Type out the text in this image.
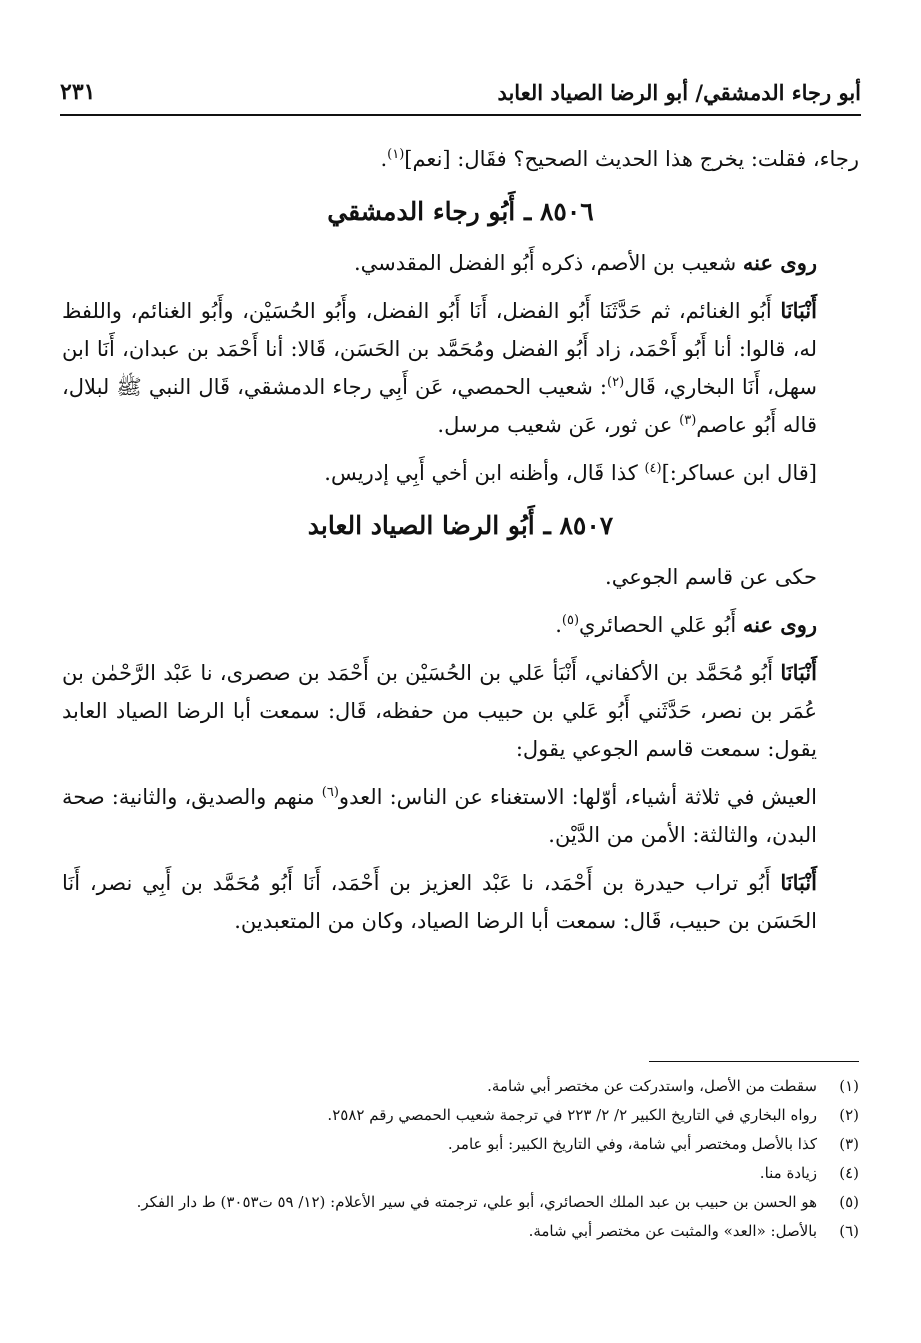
أبو رجاء الدمشقي/ أبو الرضا الصياد العابد
٢٣١

رجاء، فقلت: يخرج هذا الحديث الصحيح؟ فقَال: [نعم]$^{(١)}$.

٨٥٠٦ ـ أَبُو رجاء الدمشقي

روى عنه شعيب بن الأصم، ذكره أَبُو الفضل المقدسي.

أَنْبَانَا أَبُو الغنائم، ثم حَدَّثَنَا أَبُو الفضل، أَنَا أَبُو الفضل، وأَبُو الحُسَيْن، وأَبُو الغنائم، واللفظ له، قالوا: أنا أَبُو أَحْمَد، زاد أَبُو الفضل ومُحَمَّد بن الحَسَن، قَالا: أنا أَحْمَد بن عبدان، أَنَا ابن سهل، أَنَا البخاري، قَال$^{(٢)}$: شعيب الحمصي، عَن أَبِي رجاء الدمشقي، قَال النبي ﷺ لبلال، قاله أَبُو عاصم$^{(٣)}$ عن ثور، عَن شعيب مرسل.

[قال ابن عساكر:]$^{(٤)}$ كذا قَال، وأظنه ابن أخي أَبِي إدريس.

٨٥٠٧ ـ أَبُو الرضا الصياد العابد

حكى عن قاسم الجوعي.

روى عنه أَبُو عَلي الحصائري$^{(٥)}$.

أَنْبَانَا أَبُو مُحَمَّد بن الأكفاني، أَنْبَأ عَلي بن الحُسَيْن بن أَحْمَد بن صصرى، نا عَبْد الرَّحْمٰن بن عُمَر بن نصر، حَدَّثَني أَبُو عَلي بن حبيب من حفظه، قَال: سمعت أبا الرضا الصياد العابد يقول: سمعت قاسم الجوعي يقول:

العيش في ثلاثة أشياء، أوّلها: الاستغناء عن الناس: العدو$^{(٦)}$ منهم والصديق، والثانية: صحة البدن، والثالثة: الأمن من الدَّيْن.

أَنْبَانَا أَبُو تراب حيدرة بن أَحْمَد، نا عَبْد العزيز بن أَحْمَد، أَنَا أَبُو مُحَمَّد بن أَبِي نصر، أَنَا الحَسَن بن حبيب، قَال: سمعت أبا الرضا الصياد، وكان من المتعبدين.

(١)
سقطت من الأصل، واستدركت عن مختصر أبي شامة.
(٢)
رواه البخاري في التاريخ الكبير ٢/ ٢/ ٢٢٣ في ترجمة شعيب الحمصي رقم ٢٥٨٢.
(٣)
كذا بالأصل ومختصر أبي شامة، وفي التاريخ الكبير: أبو عامر.
(٤)
زيادة منا.
(٥)
هو الحسن بن حبيب بن عبد الملك الحصائري، أبو علي، ترجمته في سير الأعلام: (١٢/ ٥٩ ت٣٠٥٣) ط دار الفكر.
(٦)
بالأصل: «العد» والمثبت عن مختصر أبي شامة.
